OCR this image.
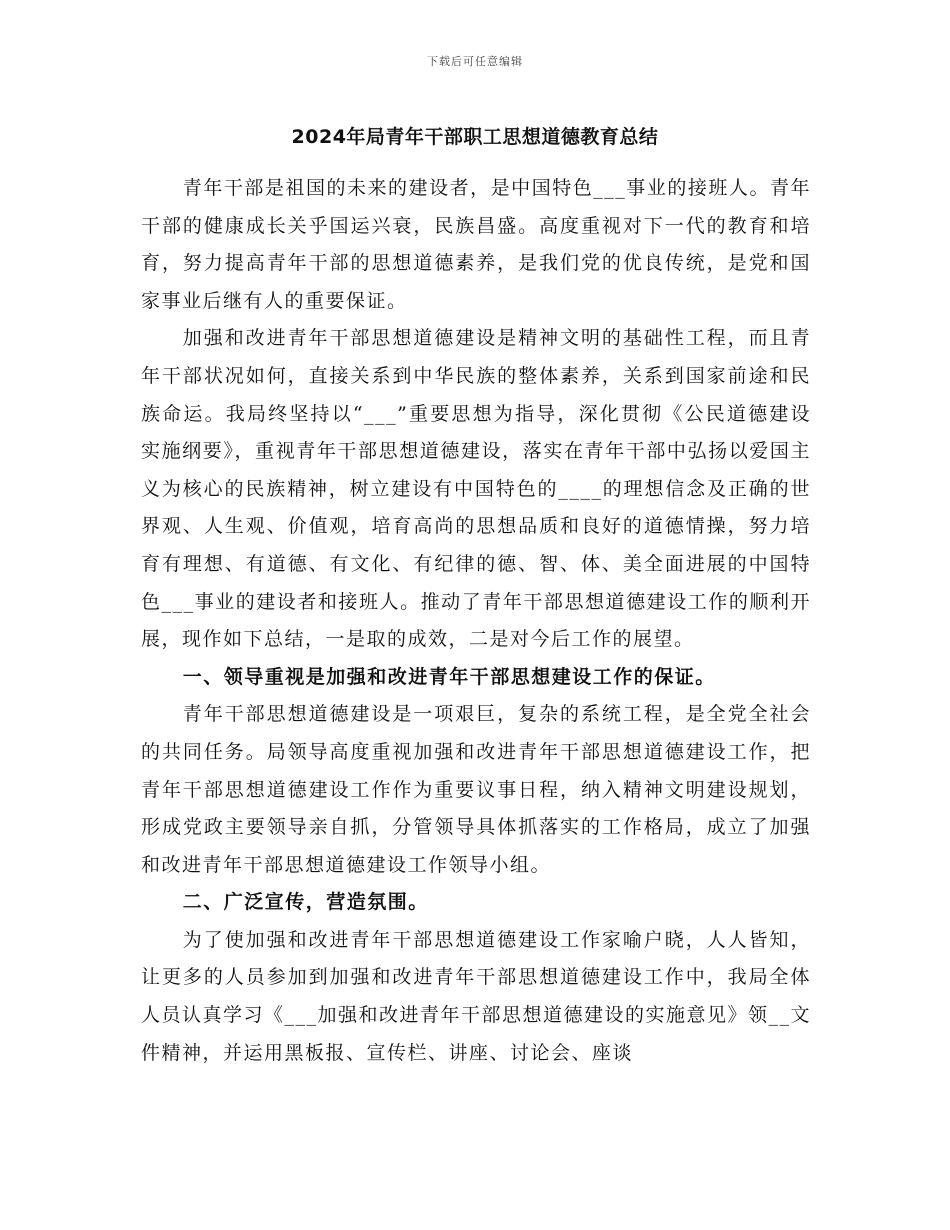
下载后可任意编辑
2024年局青年干部职工思想道德教育总结

青年干部是祖国的未来的建设者，是中国特色___事业的接班人。青年干部的健康成长关乎国运兴衰，民族昌盛。高度重视对下一代的教育和培育，努力提高青年干部的思想道德素养，是我们党的优良传统，是党和国家事业后继有人的重要保证。

加强和改进青年干部思想道德建设是精神文明的基础性工程，而且青年干部状况如何，直接关系到中华民族的整体素养，关系到国家前途和民族命运。我局终坚持以“___”重要思想为指导，深化贯彻《公民道德建设实施纲要》，重视青年干部思想道德建设，落实在青年干部中弘扬以爱国主义为核心的民族精神，树立建设有中国特色的____的理想信念及正确的世界观、人生观、价值观，培育高尚的思想品质和良好的道德情操，努力培育有理想、有道德、有文化、有纪律的德、智、体、美全面进展的中国特色___事业的建设者和接班人。推动了青年干部思想道德建设工作的顺利开展，现作如下总结，一是取的成效，二是对今后工作的展望。

一、领导重视是加强和改进青年干部思想建设工作的保证。

青年干部思想道德建设是一项艰巨，复杂的系统工程，是全党全社会的共同任务。局领导高度重视加强和改进青年干部思想道德建设工作，把青年干部思想道德建设工作作为重要议事日程，纳入精神文明建设规划，形成党政主要领导亲自抓，分管领导具体抓落实的工作格局，成立了加强和改进青年干部思想道德建设工作领导小组。

二、广泛宣传，营造氛围。

为了使加强和改进青年干部思想道德建设工作家喻户晓，人人皆知，让更多的人员参加到加强和改进青年干部思想道德建设工作中，我局全体人员认真学习《___加强和改进青年干部思想道德建设的实施意见》领__文件精神，并运用黑板报、宣传栏、讲座、讨论会、座谈
